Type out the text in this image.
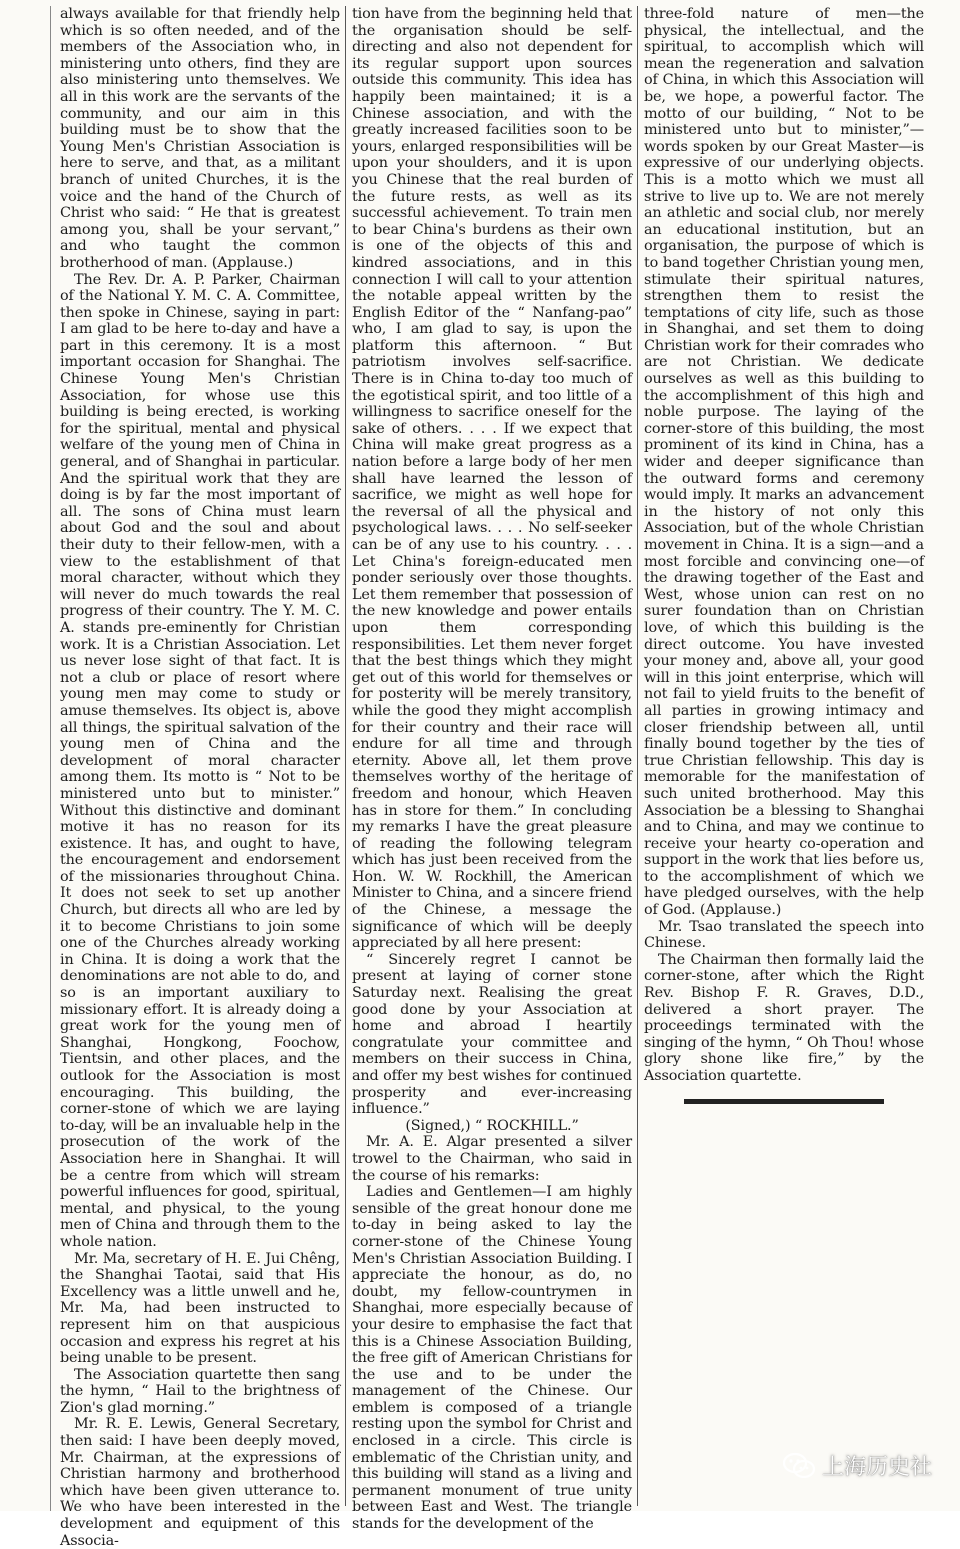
always available for that friendly help which is so often needed, and of the members of the Association who, in ministering unto others, find they are also ministering unto themselves. We all in this work are the servants of the community, and our aim in this building must be to show that the Young Men's Christian Association is here to serve, and that, as a militant branch of united Churches, it is the voice and the hand of the Church of Christ who said: “ He that is greatest among you, shall be your servant,” and who taught the common brotherhood of man. (Applause.)

The Rev. Dr. A. P. Parker, Chairman of the National Y. M. C. A. Committee, then spoke in Chinese, saying in part: I am glad to be here to-day and have a part in this ceremony. It is a most important occasion for Shanghai. The Chinese Young Men's Christian Association, for whose use this building is being erected, is working for the spiritual, mental and physical welfare of the young men of China in general, and of Shanghai in particular. And the spiritual work that they are doing is by far the most important of all. The sons of China must learn about God and the soul and about their duty to their fellow-men, with a view to the establishment of that moral character, without which they will never do much towards the real progress of their country. The Y. M. C. A. stands pre-eminently for Christian work. It is a Christian Association. Let us never lose sight of that fact. It is not a club or place of resort where young men may come to study or amuse themselves. Its object is, above all things, the spiritual salvation of the young men of China and the development of moral character among them. Its motto is “ Not to be ministered unto but to minister.” Without this distinctive and dominant motive it has no reason for its existence. It has, and ought to have, the encouragement and endorsement of the missionaries throughout China. It does not seek to set up another Church, but directs all who are led by it to become Christians to join some one of the Churches already working in China. It is doing a work that the denominations are not able to do, and so is an important auxiliary to missionary effort. It is already doing a great work for the young men of Shanghai, Hongkong, Foochow, Tientsin, and other places, and the outlook for the Association is most encouraging. This building, the corner-stone of which we are laying to-day, will be an invaluable help in the prosecution of the work of the Association here in Shanghai. It will be a centre from which will stream powerful influences for good, spiritual, mental, and physical, to the young men of China and through them to the whole nation.

Mr. Ma, secretary of H. E. Jui Chêng, the Shanghai Taotai, said that His Excellency was a little unwell and he, Mr. Ma, had been instructed to represent him on that auspicious occasion and express his regret at his being unable to be present.

The Association quartette then sang the hymn, “ Hail to the brightness of Zion's glad morning.”

Mr. R. E. Lewis, General Secretary, then said: I have been deeply moved, Mr. Chairman, at the expressions of Christian harmony and brotherhood which have been given utterance to. We who have been interested in the development and equipment of this Associa-

tion have from the beginning held that the organisation should be self-directing and also not dependent for its regular support upon sources outside this community. This idea has happily been maintained; it is a Chinese association, and with the greatly increased facilities soon to be yours, enlarged responsibilities will be upon your shoulders, and it is upon you Chinese that the real burden of the future rests, as well as its successful achievement. To train men to bear China's burdens as their own is one of the objects of this and kindred associations, and in this connection I will call to your attention the notable appeal written by the English Editor of the “ Nanfang-pao” who, I am glad to say, is upon the platform this afternoon. “ But patriotism involves self-sacrifice. There is in China to-day too much of the egotistical spirit, and too little of a willingness to sacrifice oneself for the sake of others. . . . If we expect that China will make great progress as a nation before a large body of her men shall have learned the lesson of sacrifice, we might as well hope for the reversal of all the physical and psychological laws. . . . No self-seeker can be of any use to his country. . . . Let China's foreign-educated men ponder seriously over those thoughts. Let them remember that possession of the new knowledge and power entails upon them corresponding responsibilities. Let them never forget that the best things which they might get out of this world for themselves or for posterity will be merely transitory, while the good they might accomplish for their country and their race will endure for all time and through eternity. Above all, let them prove themselves worthy of the heritage of freedom and honour, which Heaven has in store for them.” In concluding my remarks I have the great pleasure of reading the following telegram which has just been received from the Hon. W. W. Rockhill, the American Minister to China, and a sincere friend of the Chinese, a message the significance of which will be deeply appreciated by all here present:

“ Sincerely regret I cannot be present at laying of corner stone Saturday next. Realising the great good done by your Association at home and abroad I heartily congratulate your committee and members on their success in China, and offer my best wishes for continued prosperity and ever-increasing influence.”

(Signed,) “ ROCKHILL.”

Mr. A. E. Algar presented a silver trowel to the Chairman, who said in the course of his remarks:

Ladies and Gentlemen—I am highly sensible of the great honour done me to-day in being asked to lay the corner-stone of the Chinese Young Men's Christian Association Building. I appreciate the honour, as do, no doubt, my fellow-countrymen in Shanghai, more especially because of your desire to emphasise the fact that this is a Chinese Association Building, the free gift of American Christians for the use and to be under the management of the Chinese. Our emblem is composed of a triangle resting upon the symbol for Christ and enclosed in a circle. This circle is emblematic of the Christian unity, and this building will stand as a living and permanent monument of true unity between East and West. The triangle stands for the development of the

three-fold nature of men—the physical, the intellectual, and the spiritual, to accomplish which will mean the regeneration and salvation of China, in which this Association will be, we hope, a powerful factor. The motto of our building, “ Not to be ministered unto but to minister,”—words spoken by our Great Master—is expressive of our underlying objects. This is a motto which we must all strive to live up to. We are not merely an athletic and social club, nor merely an educational institution, but an organisation, the purpose of which is to band together Christian young men, stimulate their spiritual natures, strengthen them to resist the temptations of city life, such as those in Shanghai, and set them to doing Christian work for their comrades who are not Christian. We dedicate ourselves as well as this building to the accomplishment of this high and noble purpose. The laying of the corner-store of this building, the most prominent of its kind in China, has a wider and deeper significance than the outward forms and ceremony would imply. It marks an advancement in the history of not only this Association, but of the whole Christian movement in China. It is a sign—and a most forcible and convincing one—of the drawing together of the East and West, whose union can rest on no surer foundation than on Christian love, of which this building is the direct outcome. You have invested your money and, above all, your good will in this joint enterprise, which will not fail to yield fruits to the benefit of all parties in growing intimacy and closer friendship between all, until finally bound together by the ties of true Christian fellowship. This day is memorable for the manifestation of such united brotherhood. May this Association be a blessing to Shanghai and to China, and may we continue to receive your hearty co-operation and support in the work that lies before us, to the accomplishment of which we have pledged ourselves, with the help of God. (Applause.)

Mr. Tsao translated the speech into Chinese.

The Chairman then formally laid the corner-stone, after which the Right Rev. Bishop F. R. Graves, D.D., delivered a short prayer. The proceedings terminated with the singing of the hymn, “ Oh Thou! whose glory shone like fire,” by the Association quartette.

上海历史社
